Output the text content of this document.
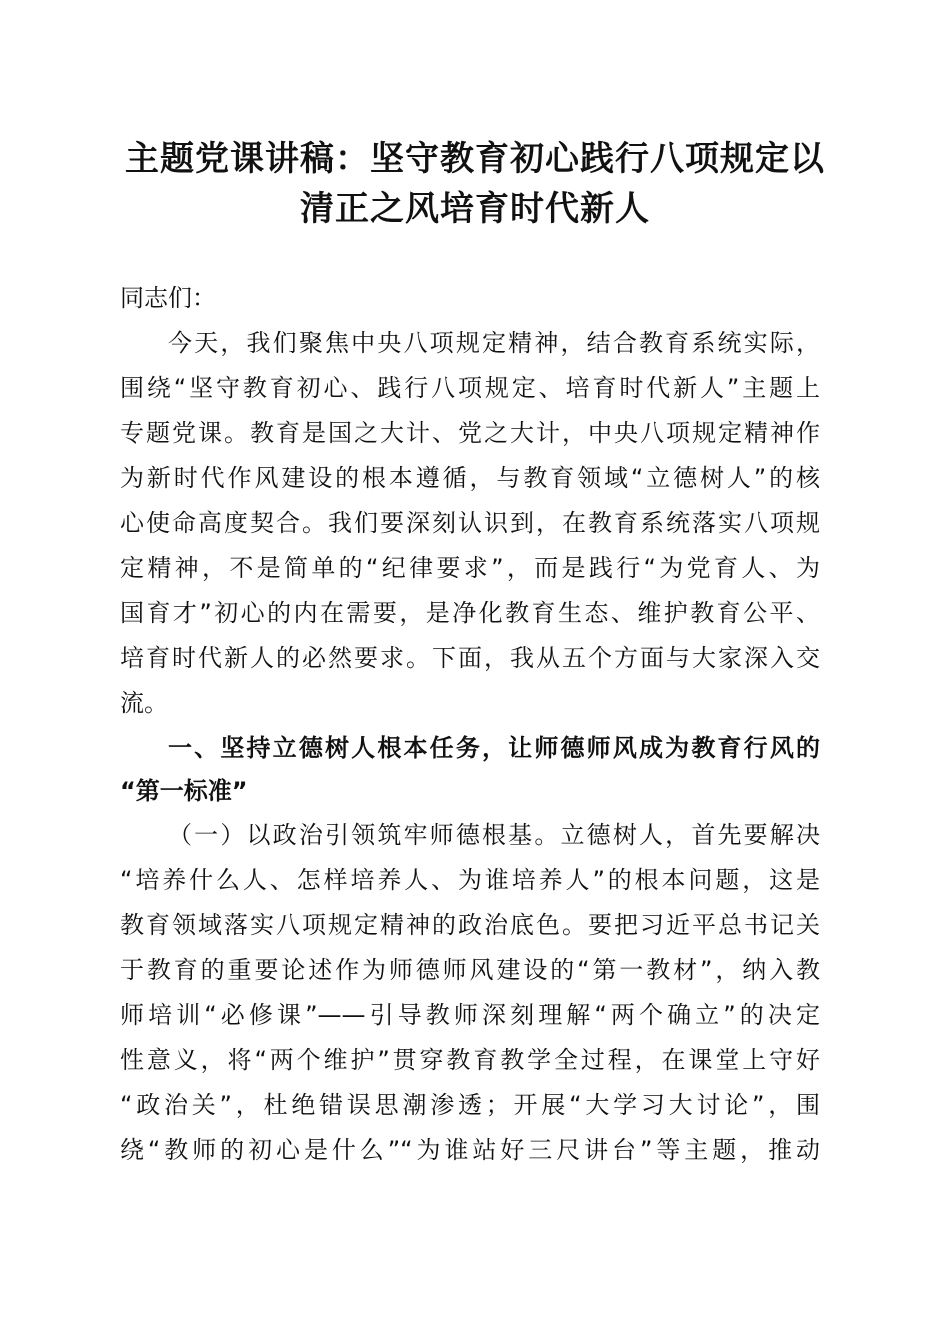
主题党课讲稿：坚守教育初心践行八项规定以
清正之风培育时代新人
同志们：
今天，我们聚焦中央八项规定精神，结合教育系统实际，
围绕“坚守教育初心、践行八项规定、培育时代新人”主题上
专题党课。教育是国之大计、党之大计，中央八项规定精神作
为新时代作风建设的根本遵循，与教育领域“立德树人”的核
心使命高度契合。我们要深刻认识到，在教育系统落实八项规
定精神，不是简单的“纪律要求”，而是践行“为党育人、为
国育才”初心的内在需要，是净化教育生态、维护教育公平、
培育时代新人的必然要求。下面，我从五个方面与大家深入交
流。
一、坚持立德树人根本任务，让师德师风成为教育行风的
“第一标准”
（一）以政治引领筑牢师德根基。立德树人，首先要解决
“培养什么人、怎样培养人、为谁培养人”的根本问题，这是
教育领域落实八项规定精神的政治底色。要把习近平总书记关
于教育的重要论述作为师德师风建设的“第一教材”，纳入教
师培训“必修课”——引导教师深刻理解“两个确立”的决定
性意义，将“两个维护”贯穿教育教学全过程，在课堂上守好
“政治关”，杜绝错误思潮渗透；开展“大学习大讨论”，围
绕“教师的初心是什么”“为谁站好三尺讲台”等主题，推动
